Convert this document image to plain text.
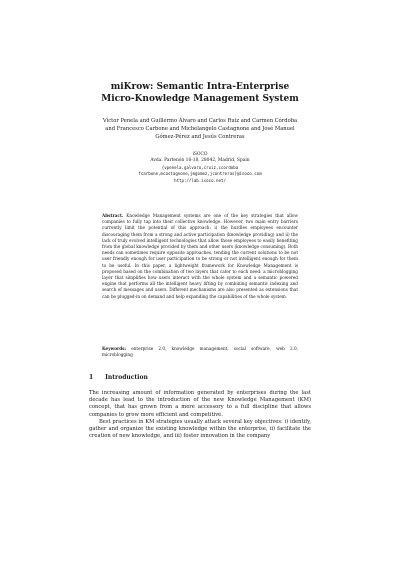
miKrow: Semantic Intra-Enterprise
Micro-Knowledge Management System
Víctor Penela and Guillermo Álvaro and Carlos Ruiz and Carmen Córdoba
and Francesco Carbone and Michelangelo Castagnone and José Manuel
Gómez-Pérez and Jesús Contreras
iSOCO
Avda. Partenón 16-18, 28042, Madrid, Spain
{vpenela,galvaro,cruiz,ccordoba
fcarbone,mcastagnone,jmgomez,jcontreras}@isoco.com
http://lab.isoco.net/
Abstract. Knowledge Management systems are one of the key strategies that allow companies to fully tap into their collective knowledge. However, two main entry barriers currently limit the potential of this approach: i) the hurdles employees encounter discouraging them from a strong and active participation (knowledge providing) and ii) the lack of truly evolved intelligent technologies that allow those employees to easily benefiting from the global knowledge provided by them and other users (knowledge consuming). Both needs can sometimes require opposite approaches, tending the current solutions to be not user friendly enough for user participation to be strong or not intelligent enough for them to be useful. In this paper, a lightweight framework for Knowledge Management is proposed based on the combination of two layers that cater to each need: a microblogging layer that simplifies how users interact with the whole system and a semantic powered engine that performs all the intelligent heavy lifting by combining semantic indexing and search of messages and users. Different mechanisms are also presented as extensions that can be plugged-in on demand and help expanding the capabilities of the whole system.
Keywords: enterprise 2.0, knowledge management, social software, web 2.0, microblogging
1 Introduction

The increasing amount of information generated by enterprises during the last decade has lead to the introduction of the new Knowledge Management (KM) concept, that has grown from a mere accessory to a full discipline that allows companies to grow more efficient and competitive.

Best practices in KM strategies usually attack several key objectives: i) identify, gather and organize the existing knowledge within the enterprise, ii) facilitate the creation of new knowledge, and iii) foster innovation in the company
